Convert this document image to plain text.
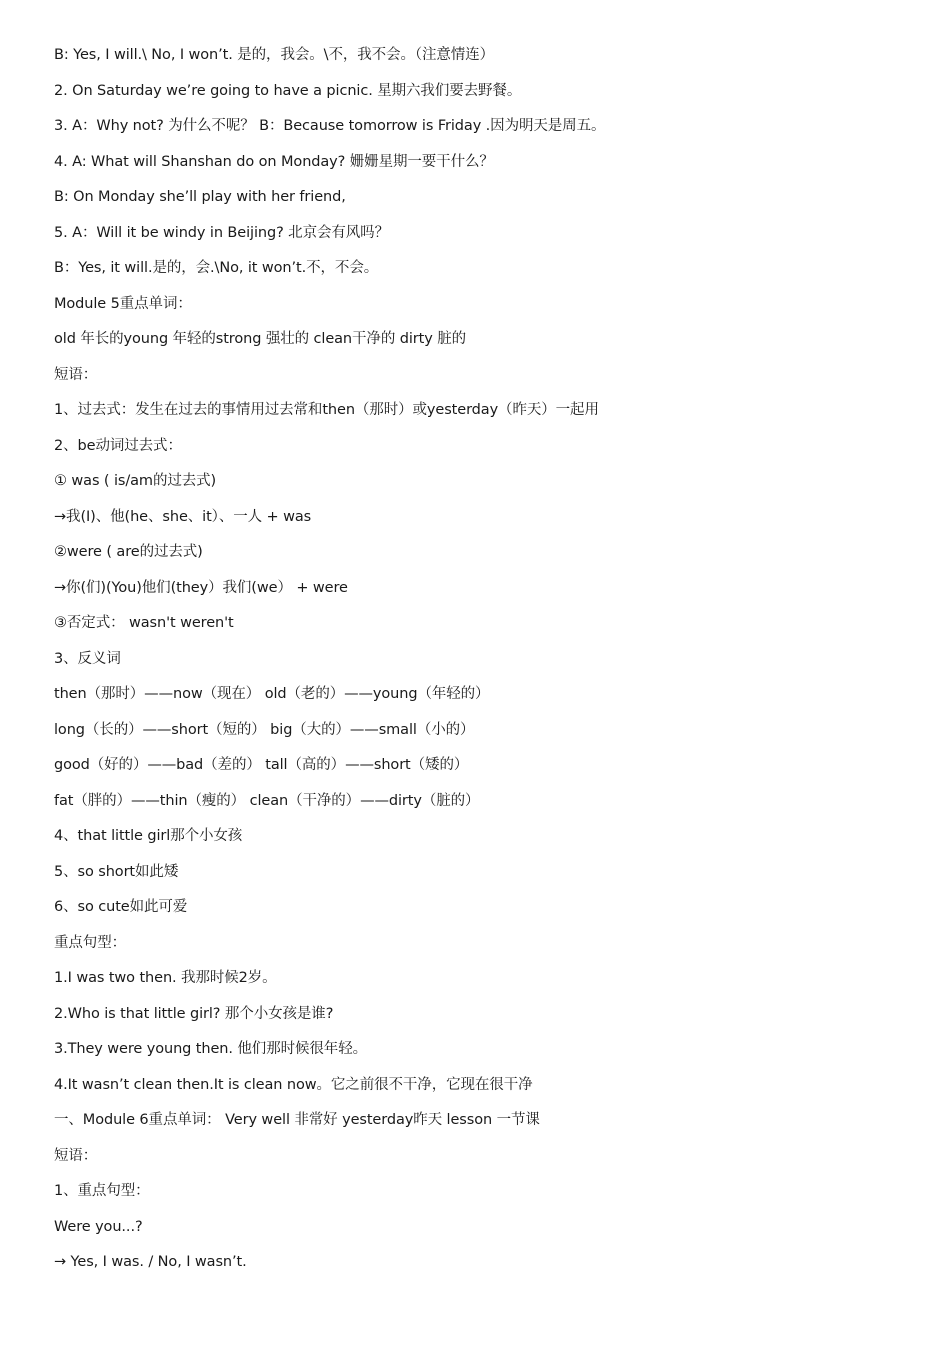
B: Yes, I will.\ No, I won’t. 是的，我会。\不，我不会。（注意情连）
2. On Saturday we’re going to have a picnic. 星期六我们要去野餐。
3. A：Why not? 为什么不呢？ B：Because tomorrow is Friday .因为明天是周五。
4. A: What will Shanshan do on Monday? 姗姗星期一要干什么？
B: On Monday she’ll play with her friend,
5. A：Will it be windy in Beijing? 北京会有风吗？
B：Yes, it will.是的，会.\No, it won’t.不，不会。
Module 5重点单词：
old 年长的young 年轻的strong 强壮的 clean干净的 dirty 脏的
短语：
1、过去式：发生在过去的事情用过去常和then（那时）或yesterday（昨天）一起用
2、be动词过去式：
① was ( is/am的过去式)
→我(I)、他(he、she、it）、一人 + was
②were ( are的过去式)
→你(们)(You)他们(they）我们(we） + were
③否定式： wasn't weren't
3、反义词
then（那时）——now（现在） old（老的）——young（年轻的）
long（长的）——short（短的） big（大的）——small（小的）
good（好的）——bad（差的） tall（高的）——short（矮的）
fat（胖的）——thin（瘦的） clean（干净的）——dirty（脏的）
4、that little girl那个小女孩
5、so short如此矮
6、so cute如此可爱
重点句型：
1.I was two then. 我那时候2岁。
2.Who is that little girl? 那个小女孩是谁?
3.They were young then. 他们那时候很年轻。
4.It wasn’t clean then.It is clean now。它之前很不干净，它现在很干净
一、Module 6重点单词： Very well 非常好 yesterday昨天 lesson 一节课
短语：
1、重点句型：
Were you...?
→ Yes, I was. / No, I wasn’t.
